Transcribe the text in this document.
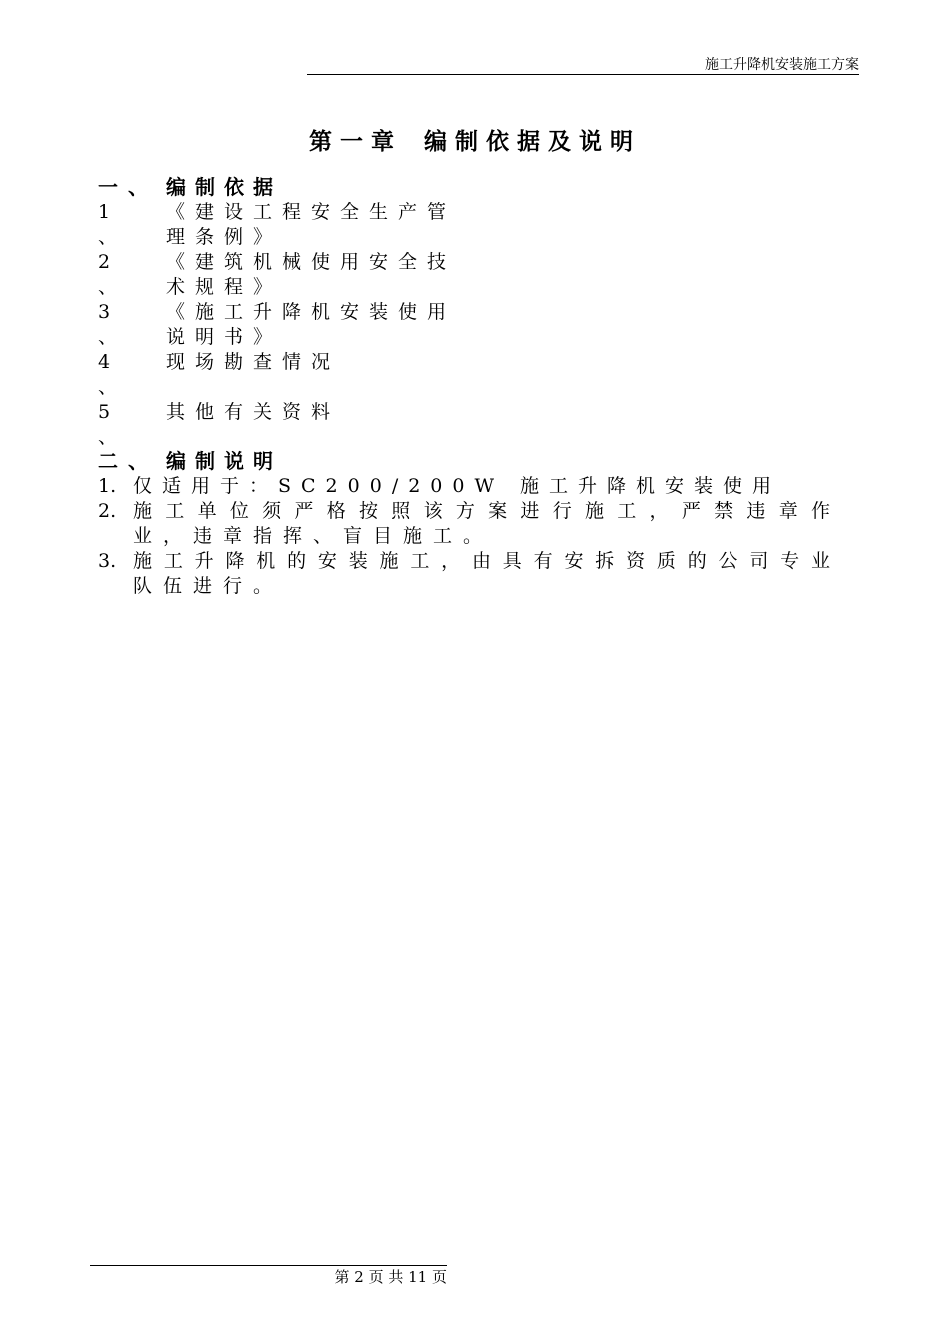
施工升降机安装施工方案
第一章 编制依据及说明
一、 编制依据
1
、
《建设工程安全生产管理条例》
2
、
《建筑机械使用安全技术规程》
3
、
《施工升降机安装使用说明书》
4
、
现场勘查情况
5
、
其他有关资料
二、 编制说明
1. 仅适用于：SC200/200W 施工升降机安装使用
2. 施工单位须严格按照该方案进行施工，严禁违章作业，违章指挥、盲目施工。
3. 施工升降机的安装施工，由具有安拆资质的公司专业队伍进行。
第 2 页 共 11 页
